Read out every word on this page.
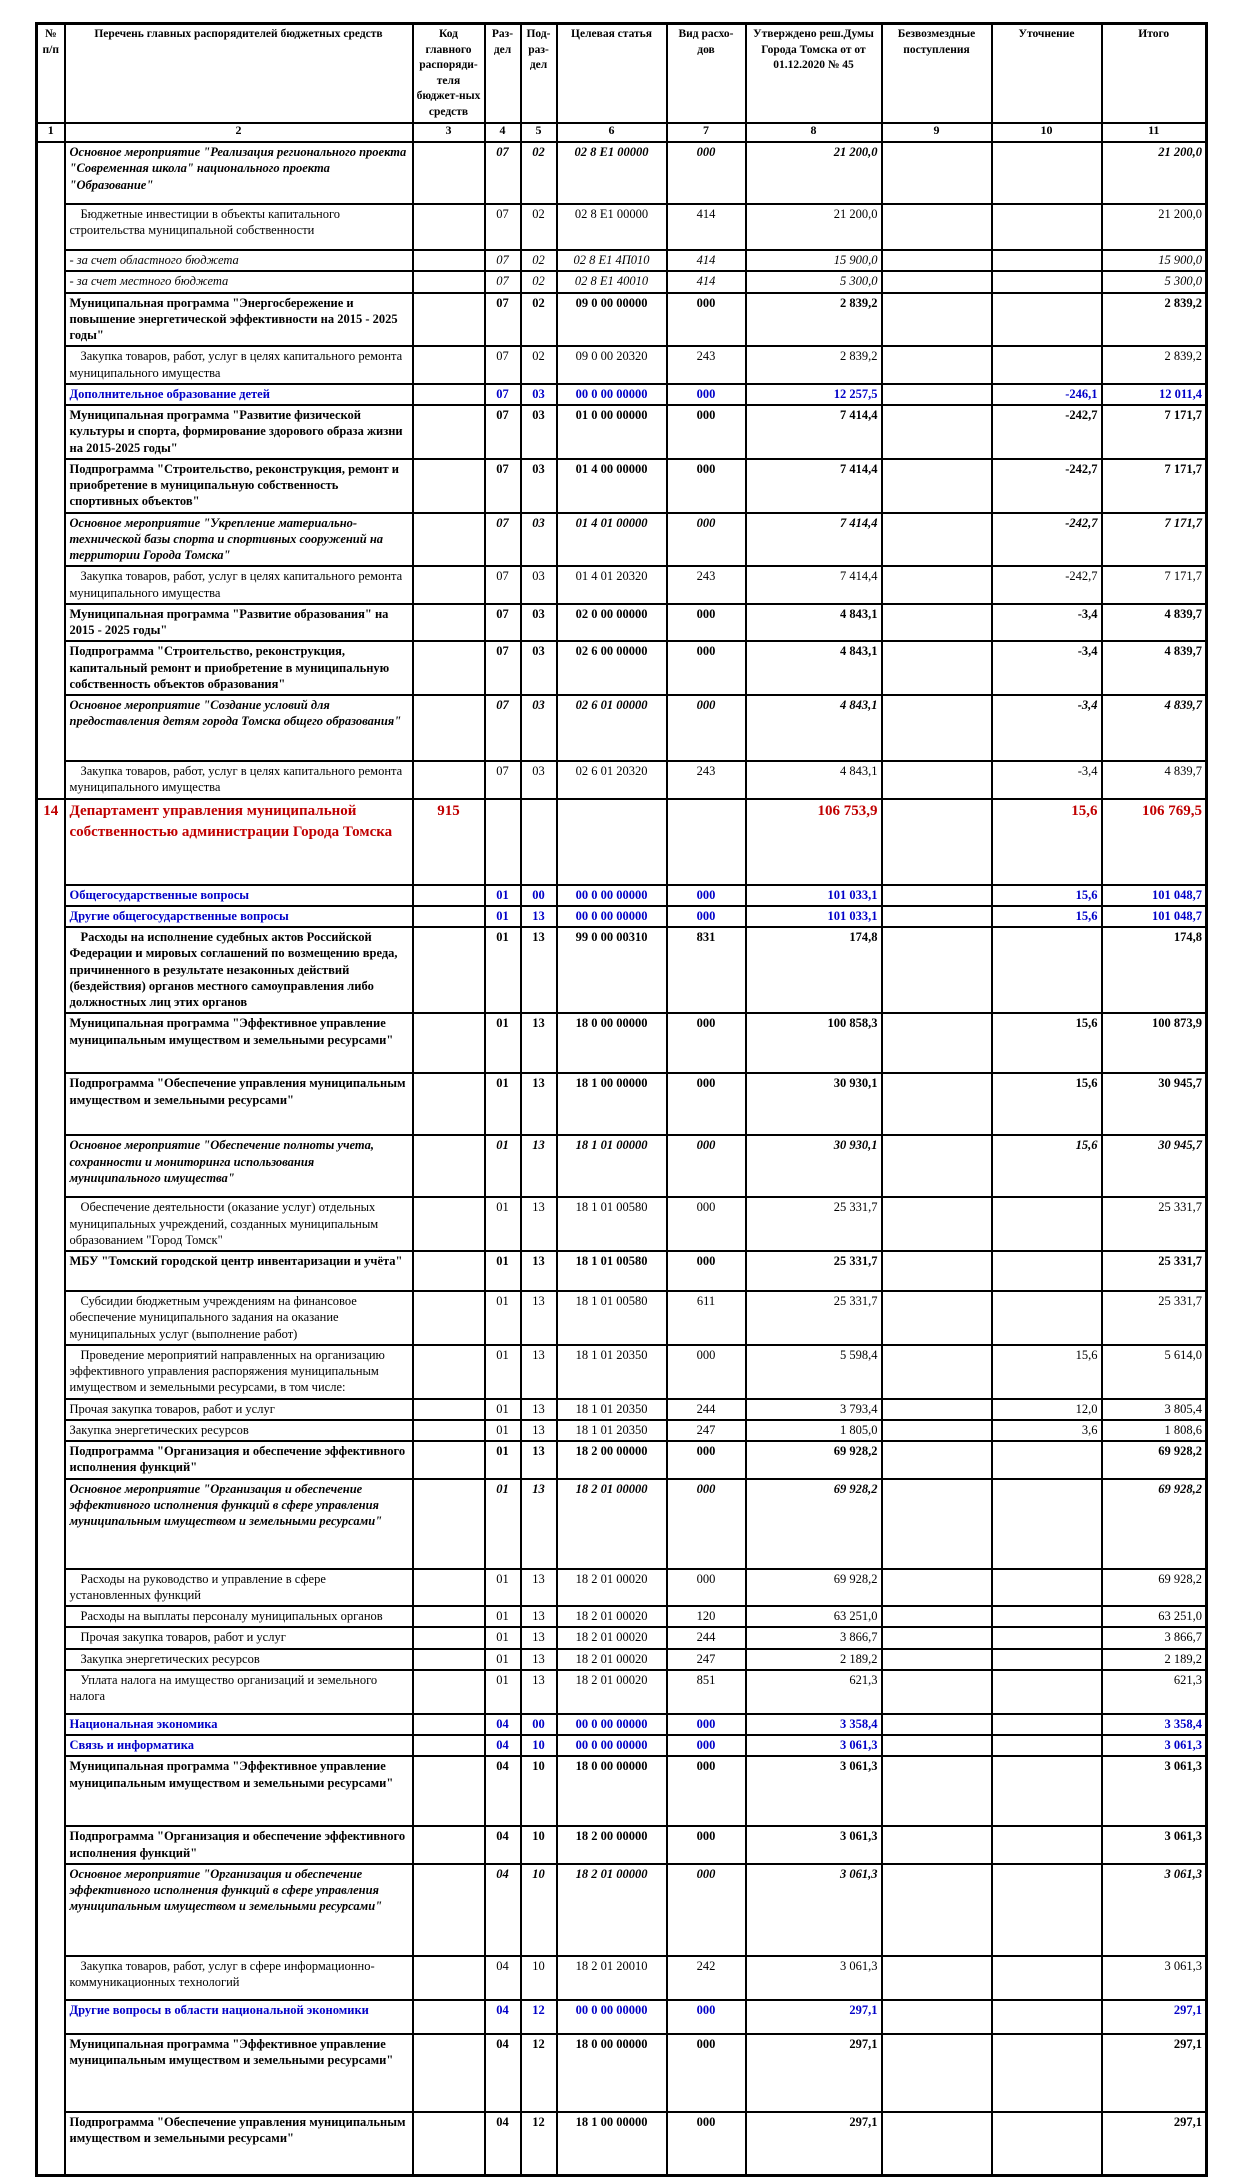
№ п/п	Перечень главных распорядителей бюджетных средств	Код главного распоряди-теля бюджет-ных средств	Раз-дел	Под-раз-дел	Целевая статья	Вид расхо-дов	Утверждено реш.Думы Города Томска от от 01.12.2020 № 45	Безвозмездные поступления	Уточнение	Итого
1	2	3	4	5	6	7	8	9	10	11
	Основное мероприятие "Реализация регионального проекта "Современная школа" национального проекта "Образование"		07	02	02 8 Е1 00000	000	21 200,0			21 200,0
	Бюджетные инвестиции в объекты капитального строительства муниципальной собственности		07	02	02 8 Е1 00000	414	21 200,0			21 200,0
	- за счет областного бюджета		07	02	02 8 Е1 4П010	414	15 900,0			15 900,0
	- за счет местного бюджета		07	02	02 8 Е1 40010	414	5 300,0			5 300,0
	Муниципальная программа "Энергосбережение и повышение энергетической эффективности на 2015 - 2025 годы"		07	02	09 0 00 00000	000	2 839,2			2 839,2
	Закупка товаров, работ, услуг в целях капитального ремонта муниципального имущества		07	02	09 0 00 20320	243	2 839,2			2 839,2
	Дополнительное образование детей		07	03	00 0 00 00000	000	12 257,5		-246,1	12 011,4
	Муниципальная программа "Развитие физической культуры и спорта, формирование здорового образа жизни на 2015-2025 годы"		07	03	01 0 00 00000	000	7 414,4		-242,7	7 171,7
	Подпрограмма "Строительство, реконструкция, ремонт и приобретение в муниципальную собственность спортивных объектов"		07	03	01 4 00 00000	000	7 414,4		-242,7	7 171,7
	Основное мероприятие "Укрепление материально-технической базы спорта и спортивных сооружений на территории Города Томска"		07	03	01 4 01 00000	000	7 414,4		-242,7	7 171,7
	Закупка товаров, работ, услуг в целях капитального ремонта муниципального имущества		07	03	01 4 01 20320	243	7 414,4		-242,7	7 171,7
	Муниципальная программа "Развитие образования" на 2015 - 2025 годы"		07	03	02 0 00 00000	000	4 843,1		-3,4	4 839,7
	Подпрограмма "Строительство, реконструкция, капитальный ремонт и приобретение в муниципальную собственность объектов образования"		07	03	02 6 00 00000	000	4 843,1		-3,4	4 839,7
	Основное мероприятие "Создание условий для предоставления детям города Томска общего образования"		07	03	02 6 01 00000	000	4 843,1		-3,4	4 839,7
	Закупка товаров, работ, услуг в целях капитального ремонта муниципального имущества		07	03	02 6 01 20320	243	4 843,1		-3,4	4 839,7
14	Департамент управления муниципальной собственностью администрации Города Томска	915					106 753,9		15,6	106 769,5
	Общегосударственные вопросы		01	00	00 0 00 00000	000	101 033,1		15,6	101 048,7
	Другие общегосударственные вопросы		01	13	00 0 00 00000	000	101 033,1		15,6	101 048,7
	Расходы на исполнение судебных актов Российской Федерации и мировых соглашений по возмещению вреда, причиненного в результате незаконных действий (бездействия) органов местного самоуправления либо должностных лиц этих органов		01	13	99 0 00 00310	831	174,8			174,8
	Муниципальная программа "Эффективное управление муниципальным имуществом и земельными ресурсами"		01	13	18 0 00 00000	000	100 858,3		15,6	100 873,9
	Подпрограмма "Обеспечение управления муниципальным имуществом и земельными ресурсами"		01	13	18 1 00 00000	000	30 930,1		15,6	30 945,7
	Основное мероприятие "Обеспечение полноты учета, сохранности и мониторинга использования муниципального имущества"		01	13	18 1 01 00000	000	30 930,1		15,6	30 945,7
	Обеспечение деятельности (оказание услуг) отдельных муниципальных учреждений, созданных муниципальным образованием "Город Томск"		01	13	18 1 01 00580	000	25 331,7			25 331,7
	МБУ "Томский городской центр инвентаризации и учёта"		01	13	18 1 01 00580	000	25 331,7			25 331,7
	Субсидии бюджетным учреждениям на финансовое обеспечение муниципального задания на оказание муниципальных услуг (выполнение работ)		01	13	18 1 01 00580	611	25 331,7			25 331,7
	Проведение мероприятий направленных на организацию эффективного управления распоряжения муниципальным имуществом и земельными ресурсами, в том числе:		01	13	18 1 01 20350	000	5 598,4		15,6	5 614,0
	Прочая закупка товаров, работ и услуг		01	13	18 1 01 20350	244	3 793,4		12,0	3 805,4
	Закупка энергетических ресурсов		01	13	18 1 01 20350	247	1 805,0		3,6	1 808,6
	Подпрограмма "Организация и обеспечение эффективного исполнения функций"		01	13	18 2 00 00000	000	69 928,2			69 928,2
	Основное мероприятие "Организация и обеспечение эффективного исполнения функций в сфере управления муниципальным имуществом и земельными ресурсами"		01	13	18 2 01 00000	000	69 928,2			69 928,2
	Расходы на руководство и управление в сфере установленных функций		01	13	18 2 01 00020	000	69 928,2			69 928,2
	Расходы на выплаты персоналу муниципальных органов		01	13	18 2 01 00020	120	63 251,0			63 251,0
	Прочая закупка товаров, работ и услуг		01	13	18 2 01 00020	244	3 866,7			3 866,7
	Закупка энергетических ресурсов		01	13	18 2 01 00020	247	2 189,2			2 189,2
	Уплата налога на имущество организаций и земельного налога		01	13	18 2 01 00020	851	621,3			621,3
	Национальная экономика		04	00	00 0 00 00000	000	3 358,4			3 358,4
	Связь и информатика		04	10	00 0 00 00000	000	3 061,3			3 061,3
	Муниципальная программа "Эффективное управление муниципальным имуществом и земельными ресурсами"		04	10	18 0 00 00000	000	3 061,3			3 061,3
	Подпрограмма "Организация и обеспечение эффективного исполнения функций"		04	10	18 2 00 00000	000	3 061,3			3 061,3
	Основное мероприятие "Организация и обеспечение эффективного исполнения функций в сфере управления муниципальным имуществом и земельными ресурсами"		04	10	18 2 01 00000	000	3 061,3			3 061,3
	Закупка товаров, работ, услуг в сфере информационно-коммуникационных технологий		04	10	18 2 01 20010	242	3 061,3			3 061,3
	Другие вопросы в области национальной экономики		04	12	00 0 00 00000	000	297,1			297,1
	Муниципальная программа "Эффективное управление муниципальным имуществом и земельными ресурсами"		04	12	18 0 00 00000	000	297,1			297,1
	Подпрограмма "Обеспечение управления муниципальным имуществом и земельными ресурсами"		04	12	18 1 00 00000	000	297,1			297,1
